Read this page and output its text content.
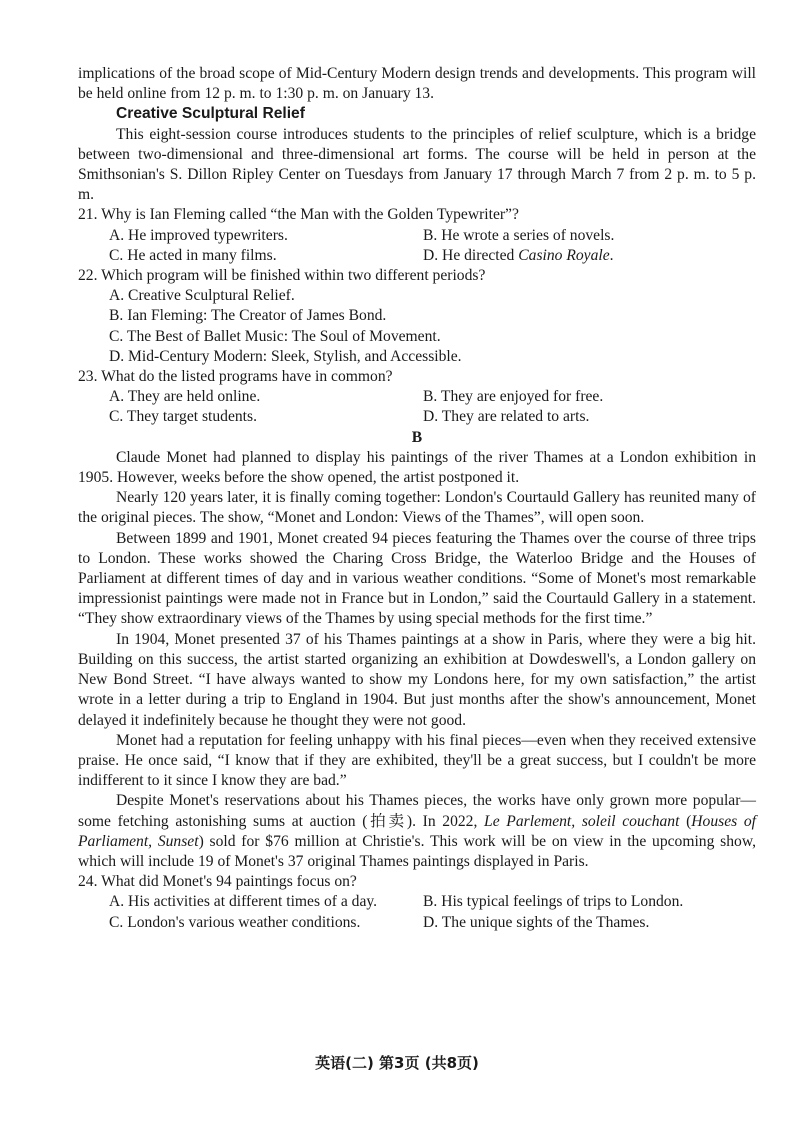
implications of the broad scope of Mid-Century Modern design trends and developments. This program will be held online from 12 p. m. to 1:30 p. m. on January 13.

Creative Sculptural Relief

This eight-session course introduces students to the principles of relief sculpture, which is a bridge between two-dimensional and three-dimensional art forms. The course will be held in person at the Smithsonian's S. Dillon Ripley Center on Tuesdays from January 17 through March 7 from 2 p. m. to 5 p. m.

21. Why is Ian Fleming called “the Man with the Golden Typewriter”?

A. He improved typewriters.	B. He wrote a series of novels.
C. He acted in many films.	D. He directed Casino Royale.

22. Which program will be finished within two different periods?

A. Creative Sculptural Relief.
B. Ian Fleming: The Creator of James Bond.
C. The Best of Ballet Music: The Soul of Movement.
D. Mid-Century Modern: Sleek, Stylish, and Accessible.

23. What do the listed programs have in common?

A. They are held online.	B. They are enjoyed for free.
C. They target students.	D. They are related to arts.

B

Claude Monet had planned to display his paintings of the river Thames at a London exhibition in 1905. However, weeks before the show opened, the artist postponed it.

Nearly 120 years later, it is finally coming together: London's Courtauld Gallery has reunited many of the original pieces. The show, “Monet and London: Views of the Thames”, will open soon.

Between 1899 and 1901, Monet created 94 pieces featuring the Thames over the course of three trips to London. These works showed the Charing Cross Bridge, the Waterloo Bridge and the Houses of Parliament at different times of day and in various weather conditions. “Some of Monet's most remarkable impressionist paintings were made not in France but in London,” said the Courtauld Gallery in a statement. “They show extraordinary views of the Thames by using special methods for the first time.”

In 1904, Monet presented 37 of his Thames paintings at a show in Paris, where they were a big hit. Building on this success, the artist started organizing an exhibition at Dowdeswell's, a London gallery on New Bond Street. “I have always wanted to show my Londons here, for my own satisfaction,” the artist wrote in a letter during a trip to England in 1904. But just months after the show's announcement, Monet delayed it indefinitely because he thought they were not good.

Monet had a reputation for feeling unhappy with his final pieces—even when they received extensive praise. He once said, “I know that if they are exhibited, they'll be a great success, but I couldn't be more indifferent to it since I know they are bad.”

Despite Monet's reservations about his Thames pieces, the works have only grown more popular—some fetching astonishing sums at auction (拍卖). In 2022, Le Parlement, soleil couchant (Houses of Parliament, Sunset) sold for $76 million at Christie's. This work will be on view in the upcoming show, which will include 19 of Monet's 37 original Thames paintings displayed in Paris.

24. What did Monet's 94 paintings focus on?

A. His activities at different times of a day.	B. His typical feelings of trips to London.
C. London's various weather conditions.	D. The unique sights of the Thames.
英语(二) 第3页 (共8页)
